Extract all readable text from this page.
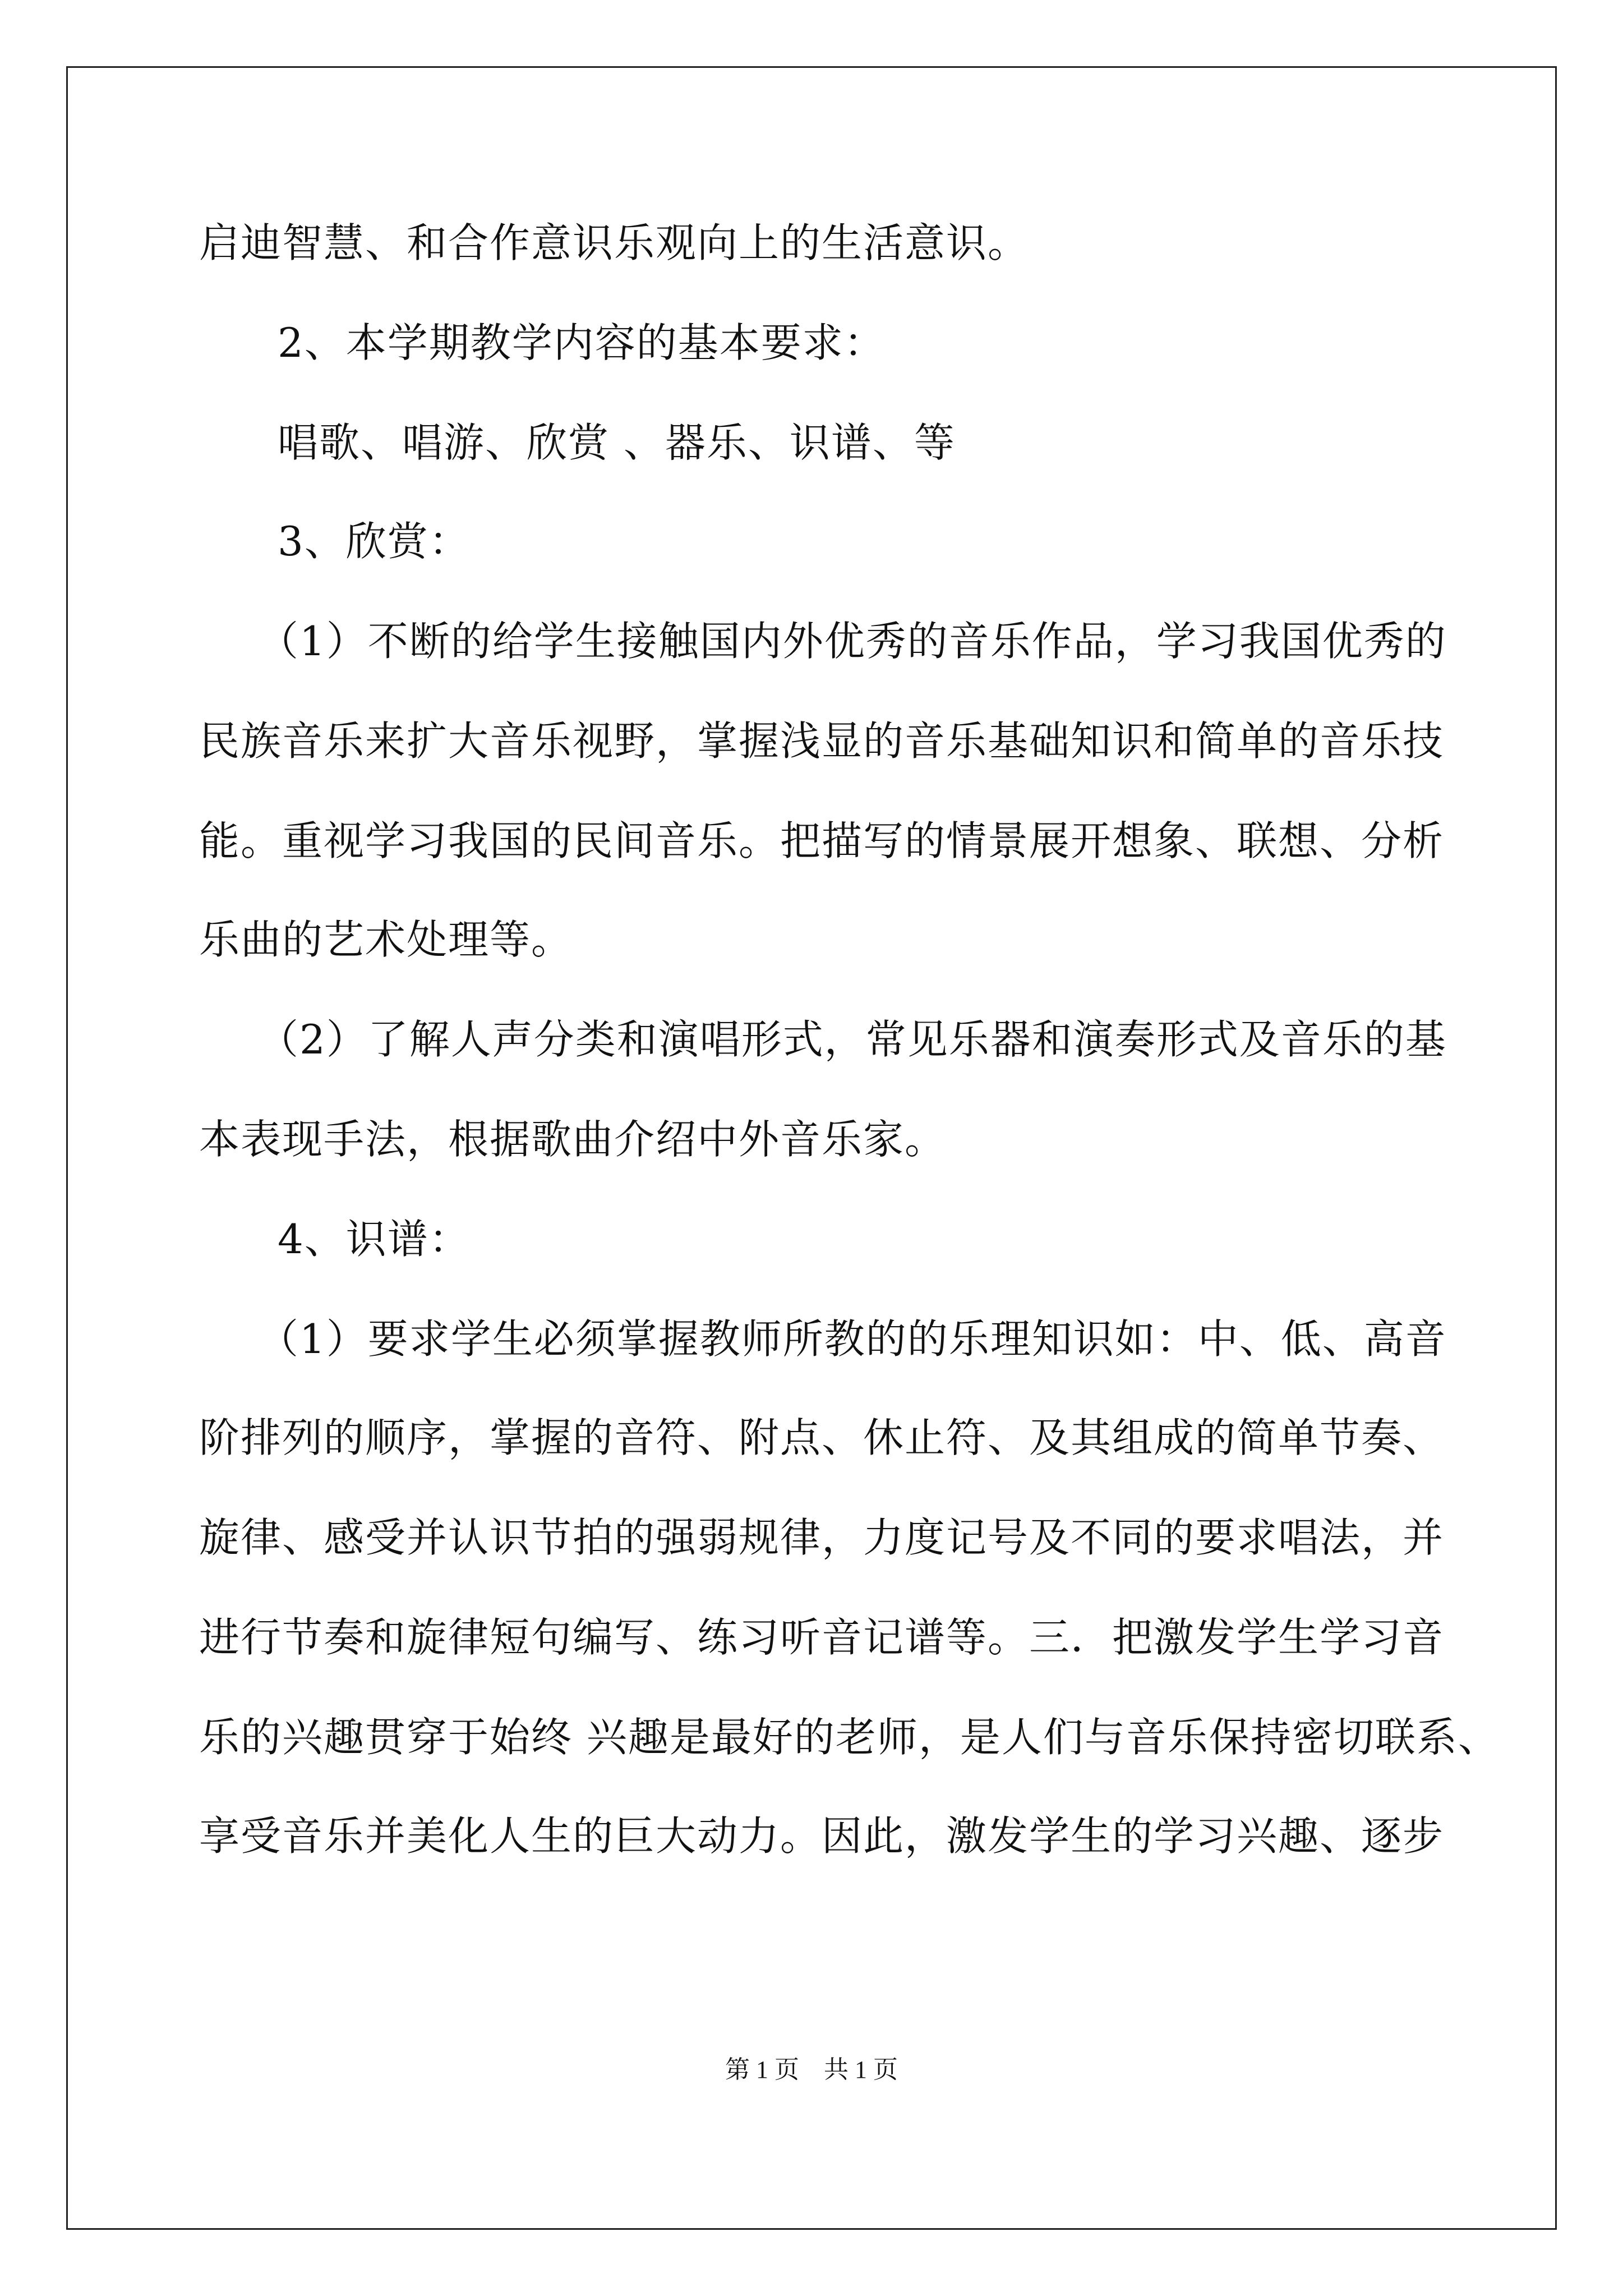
启迪智慧、和合作意识乐观向上的生活意识。
2、本学期教学内容的基本要求：
唱歌、唱游、欣赏 、器乐、识谱、等
3、欣赏：
（1）不断的给学生接触国内外优秀的音乐作品，学习我国优秀的
民族音乐来扩大音乐视野，掌握浅显的音乐基础知识和简单的音乐技
能。重视学习我国的民间音乐。把描写的情景展开想象、联想、分析
乐曲的艺术处理等。
（2）了解人声分类和演唱形式，常见乐器和演奏形式及音乐的基
本表现手法，根据歌曲介绍中外音乐家。
4、识谱：
（1）要求学生必须掌握教师所教的的乐理知识如：中、低、高音
阶排列的顺序，掌握的音符、附点、休止符、及其组成的简单节奏、
旋律、感受并认识节拍的强弱规律，力度记号及不同的要求唱法，并
进行节奏和旋律短句编写、练习听音记谱等。三．把激发学生学习音
乐的兴趣贯穿于始终 兴趣是最好的老师，是人们与音乐保持密切联系、
享受音乐并美化人生的巨大动力。因此，激发学生的学习兴趣、逐步
第 1 页　共 1 页
